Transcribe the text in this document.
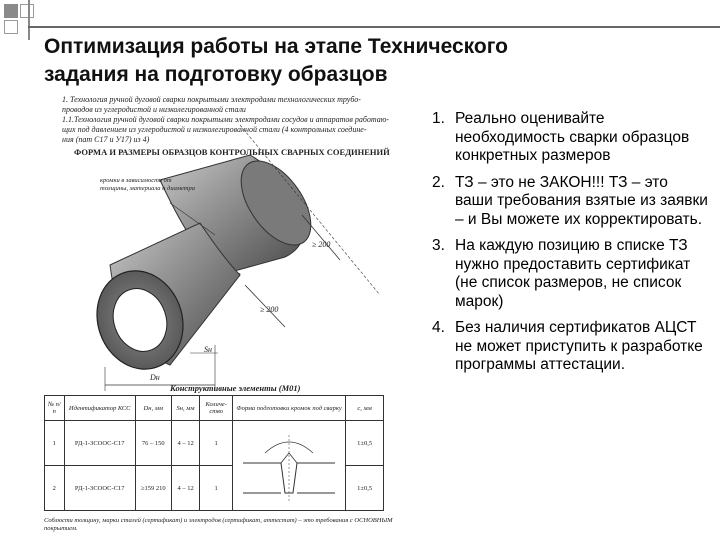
Оптимизация работы на этапе Технического
задания на подготовку образцов
1. Технология ручной дуговой сварки покрытыми электродами технологических трубо-
проводов из углеродистой и низколегированной стали
1.1.Технология ручной дуговой сварки покрытыми электродами сосудов и аппаратов работаю-
щих под давлением из углеродистой и низколегированной стали (4 контрольных соедине-
ния (пат С17 и У17) из 4)
ФОРМА И РАЗМЕРЫ ОБРАЗЦОВ КОНТРОЛЬНЫХ СВАРНЫХ СОЕДИНЕНИЙ
кромки в зависимости от толщины, материала и диаметра
≥ 200
≥ 200
Sн
Dн
Конструктивные элементы (М01)
№ п/п	Идентификатор КСС	Dн, мм	Sн, мм	Количе-ство	Форма подготовки кромок под сварку	c, мм
1	РД-1-ЗСООС-С17	76 – 150	4 – 12	1		1±0,5
2	РД-1-ЗСООС-С17	≥159 210	4 – 12	1		1±0,5
Соблюсти толщину, марки сталей (сертификат) и электродов (сертификат, аттестат) – это требования с ОСНОВНЫМ покрытием.
1. Реально оценивайте необходимость сварки образцов конкретных размеров
2. ТЗ – это не ЗАКОН!!! ТЗ – это ваши требования взятые из заявки – и Вы можете их корректировать.
3. На каждую позицию в списке ТЗ нужно предоставить сертификат (не список размеров, не список марок)
4. Без наличия сертификатов АЦСТ не может приступить к разработке программы аттестации.
